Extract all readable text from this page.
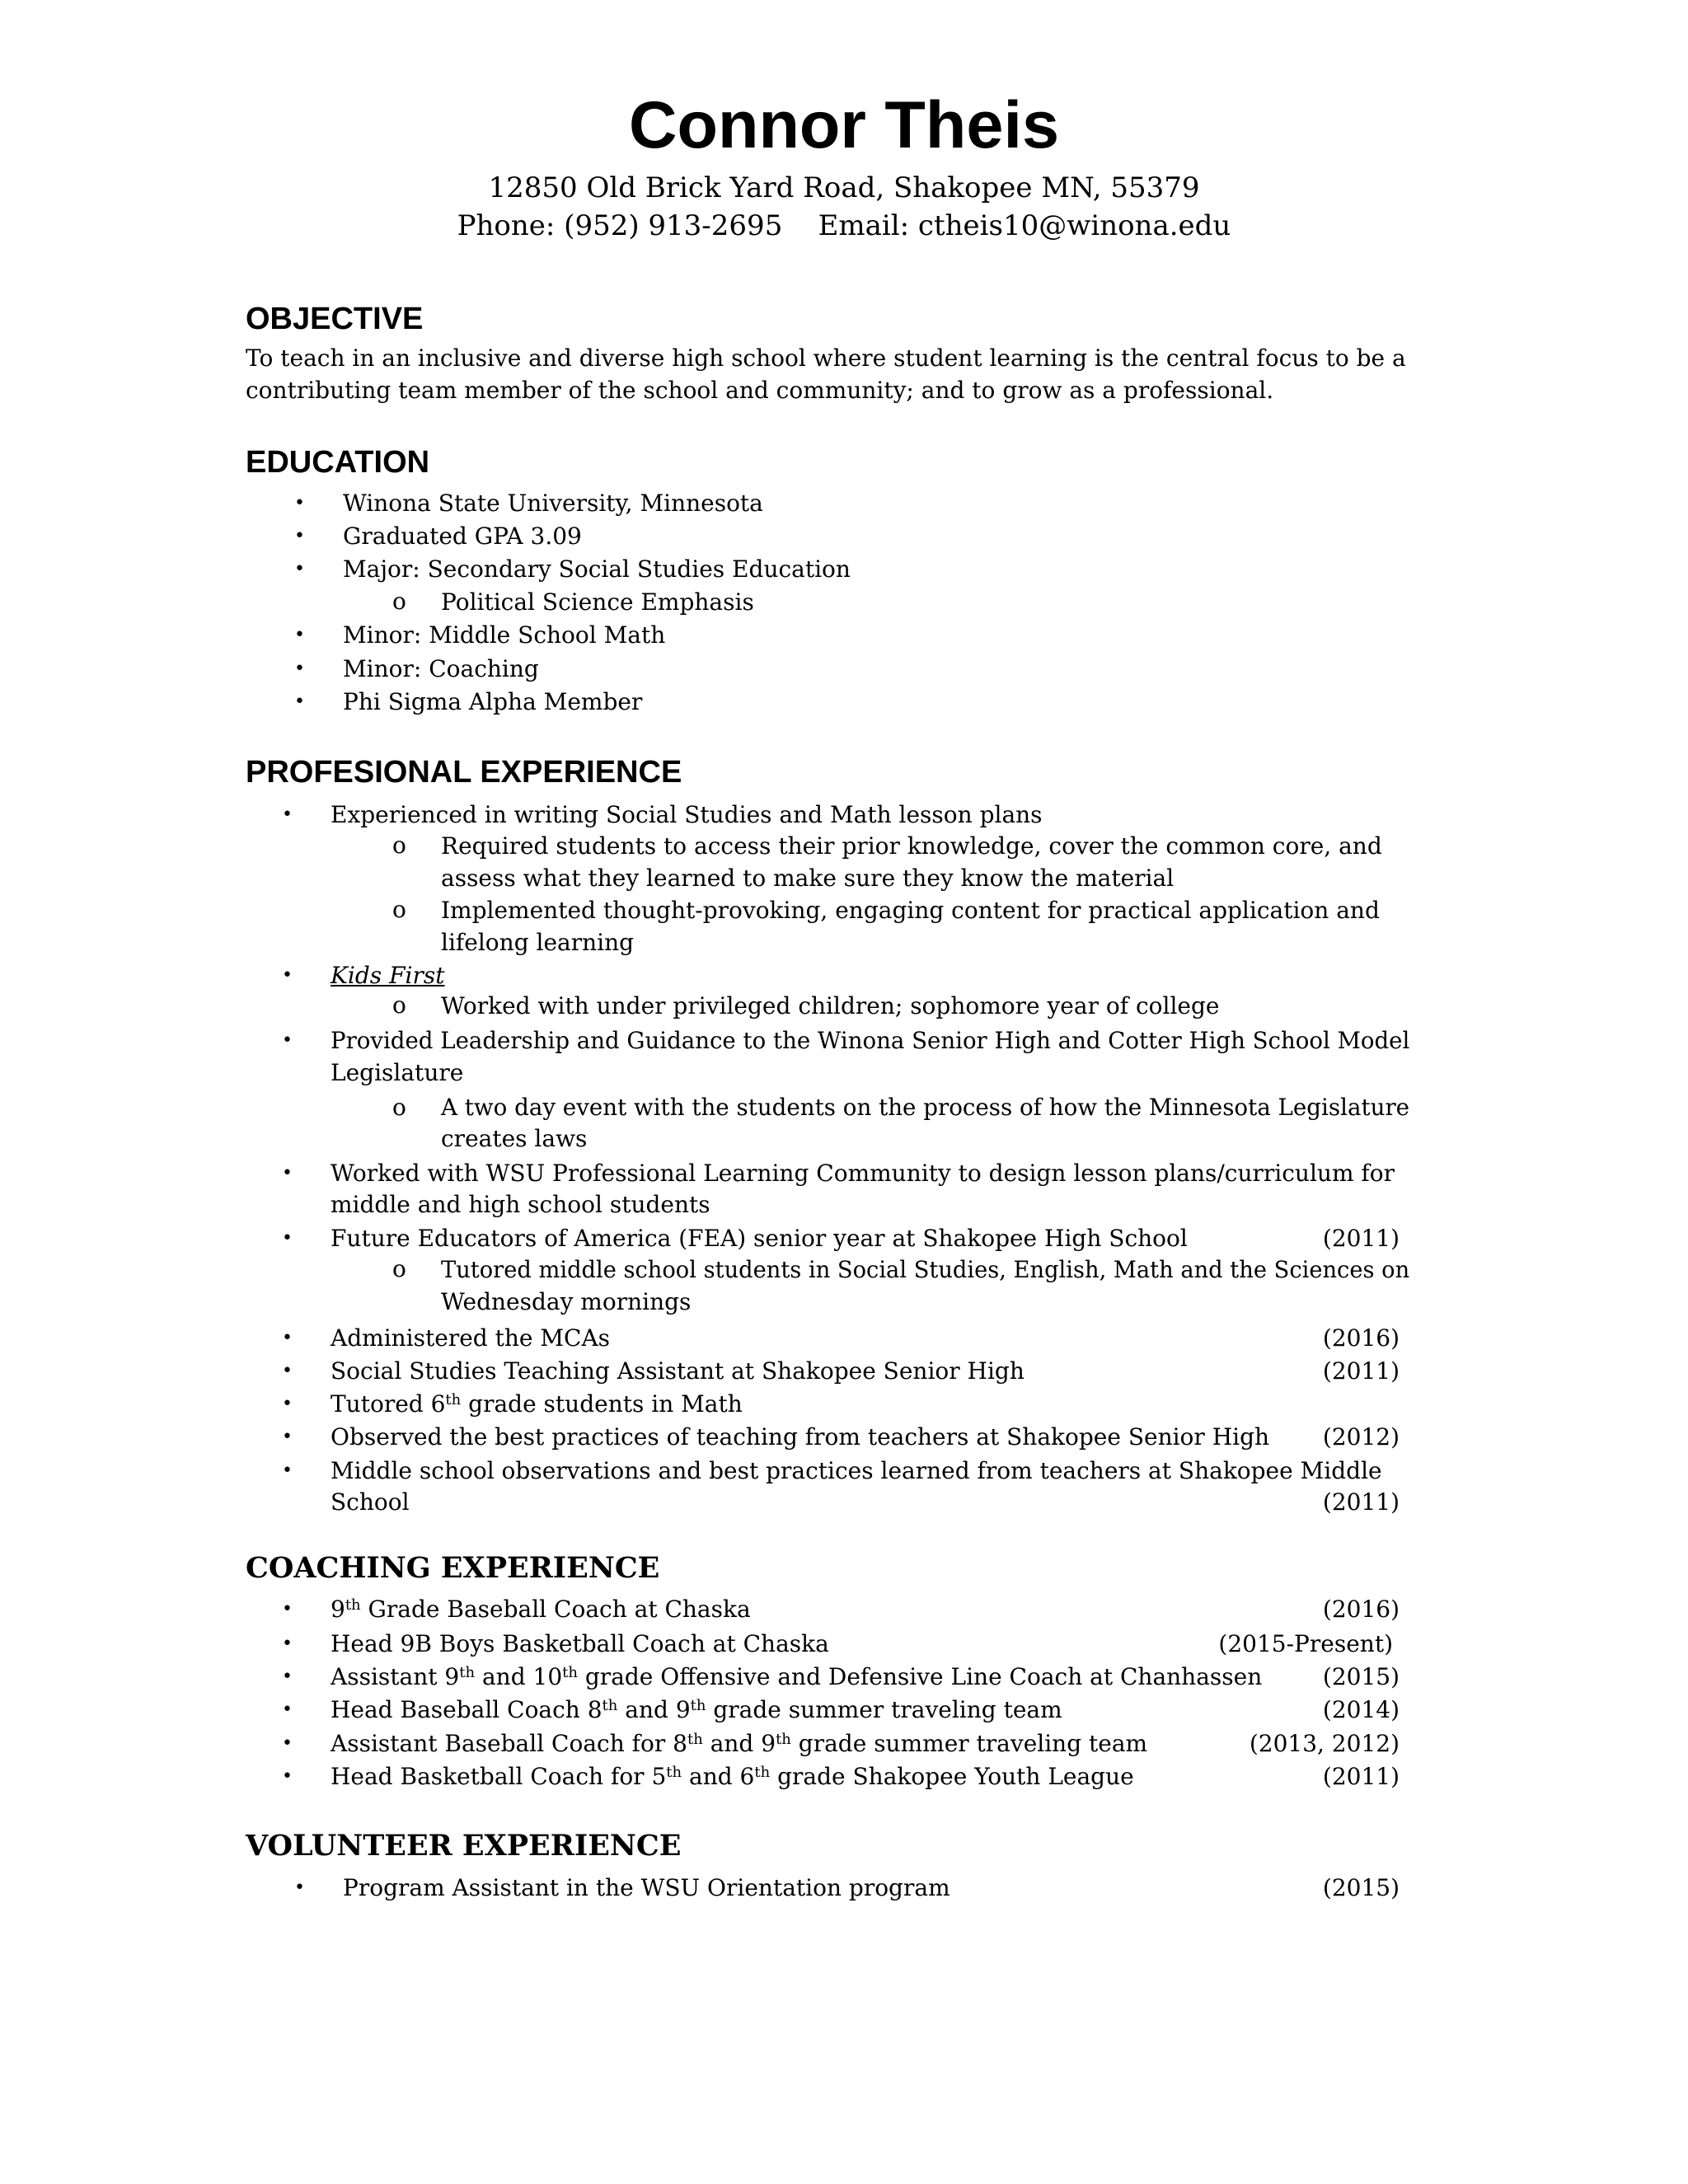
Connor Theis
12850 Old Brick Yard Road, Shakopee MN, 55379
Phone: (952) 913-2695 Email: ctheis10@winona.edu
OBJECTIVE
To teach in an inclusive and diverse high school where student learning is the central focus to be a
contributing team member of the school and community; and to grow as a professional.
EDUCATION
• Winona State University, Minnesota
• Graduated GPA 3.09
• Major: Secondary Social Studies Education
o Political Science Emphasis
• Minor: Middle School Math
• Minor: Coaching
• Phi Sigma Alpha Member
PROFESIONAL EXPERIENCE
• Experienced in writing Social Studies and Math lesson plans
o Required students to access their prior knowledge, cover the common core, and
assess what they learned to make sure they know the material
o Implemented thought-provoking, engaging content for practical application and
lifelong learning
• Kids First
o Worked with under privileged children; sophomore year of college
• Provided Leadership and Guidance to the Winona Senior High and Cotter High School Model
Legislature
o A two day event with the students on the process of how the Minnesota Legislature
creates laws
• Worked with WSU Professional Learning Community to design lesson plans/curriculum for
middle and high school students
• Future Educators of America (FEA) senior year at Shakopee High School	(2011)
o Tutored middle school students in Social Studies, English, Math and the Sciences on
Wednesday mornings
• Administered the MCAs	(2016)
• Social Studies Teaching Assistant at Shakopee Senior High	(2011)
• Tutored 6th grade students in Math
• Observed the best practices of teaching from teachers at Shakopee Senior High (2012)
• Middle school observations and best practices learned from teachers at Shakopee Middle
School	(2011)
COACHING EXPERIENCE
• 9th Grade Baseball Coach at Chaska	(2016)
• Head 9B Boys Basketball Coach at Chaska	(2015-Present)
• Assistant 9th and 10th grade Offensive and Defensive Line Coach at Chanhassen	(2015)
• Head Baseball Coach 8th and 9th grade summer traveling team	(2014)
• Assistant Baseball Coach for 8th and 9th grade summer traveling team	(2013, 2012)
• Head Basketball Coach for 5th and 6th grade Shakopee Youth League	(2011)
VOLUNTEER EXPERIENCE
• Program Assistant in the WSU Orientation program	(2015)
